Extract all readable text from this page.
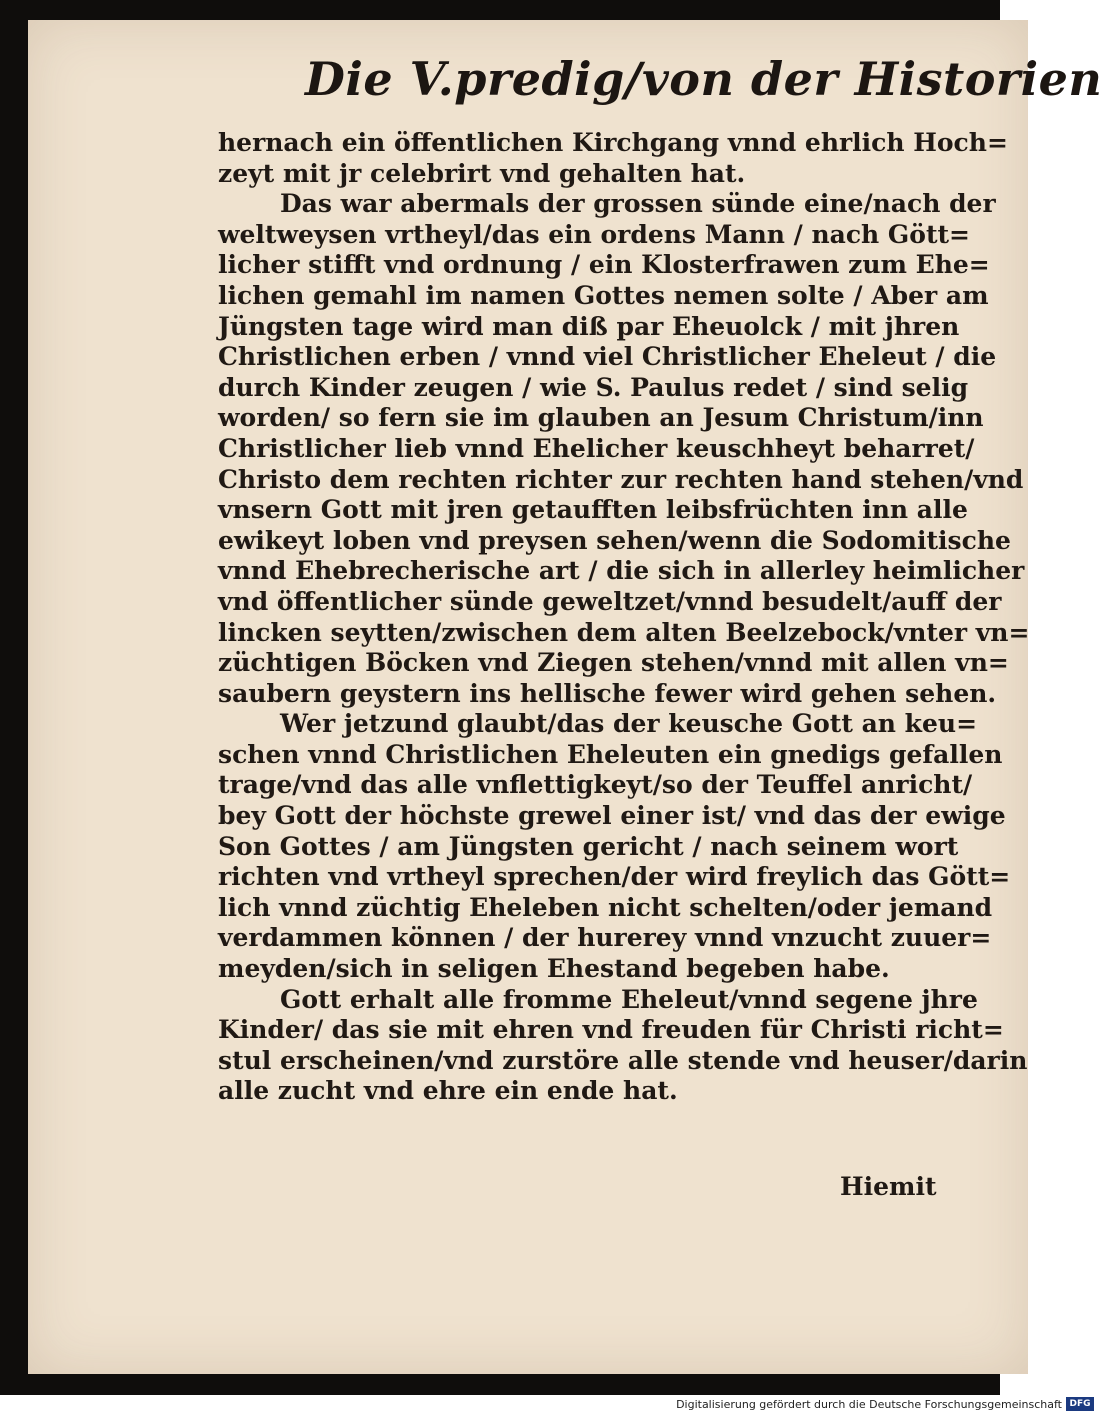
Die V.predig/von der Historien
hernach ein öffentlichen Kirchgang vnnd ehrlich Hoch=
zeyt mit jr celebrirt vnd gehalten hat.
Das war abermals der grossen sünde eine/nach der
weltweysen vrtheyl/das ein ordens Mann / nach Gött=
licher stifft vnd ordnung / ein Klosterfrawen zum Ehe=
lichen gemahl im namen Gottes nemen solte / Aber am
Jüngsten tage wird man diß par Eheuolck / mit jhren
Christlichen erben / vnnd viel Christlicher Eheleut / die
durch Kinder zeugen / wie S. Paulus redet / sind selig
worden/ so fern sie im glauben an Jesum Christum/inn
Christlicher lieb vnnd Ehelicher keuschheyt beharret/
Christo dem rechten richter zur rechten hand stehen/vnd
vnsern Gott mit jren getaufften leibsfrüchten inn alle
ewikeyt loben vnd preysen sehen/wenn die Sodomitische
vnnd Ehebrecherische art / die sich in allerley heimlicher
vnd öffentlicher sünde geweltzet/vnnd besudelt/auff der
lincken seytten/zwischen dem alten Beelzebock/vnter vn=
züchtigen Böcken vnd Ziegen stehen/vnnd mit allen vn=
saubern geystern ins hellische fewer wird gehen sehen.
Wer jetzund glaubt/das der keusche Gott an keu=
schen vnnd Christlichen Eheleuten ein gnedigs gefallen
trage/vnd das alle vnflettigkeyt/so der Teuffel anricht/
bey Gott der höchste grewel einer ist/ vnd das der ewige
Son Gottes / am Jüngsten gericht / nach seinem wort
richten vnd vrtheyl sprechen/der wird freylich das Gött=
lich vnnd züchtig Eheleben nicht schelten/oder jemand
verdammen können / der hurerey vnnd vnzucht zuuer=
meyden/sich in seligen Ehestand begeben habe.
Gott erhalt alle fromme Eheleut/vnnd segene jhre
Kinder/ das sie mit ehren vnd freuden für Christi richt=
stul erscheinen/vnd zurstöre alle stende vnd heuser/darin
alle zucht vnd ehre ein ende hat.
Hiemit
Digitalisierung gefördert durch die Deutsche Forschungsgemeinschaft DFG
